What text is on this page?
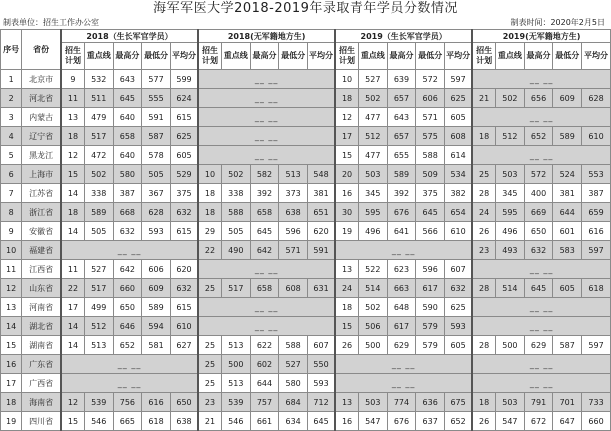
海军军医大学2018-2019年录取青年学员分数情况
制表单位：招生工作办公室	制表时间：2020年2月5日
序号	省份	2018（生长军官学员）					2018(无军籍地方生)					2019（生长军官学员）					2019(无军籍地方生)				
		招生计划	重点线	最高分	最低分	平均分	招生计划	重点线	最高分	最低分	平均分	招生计划	重点线	最高分	最低分	平均分	招生计划	重点线	最高分	最低分	平均分
1	北京市	9	532	643	577	599	__ __					10	527	639	572	597	__ __				
2	河北省	11	511	645	555	624	__ __					18	502	657	606	625	21	502	656	609	628
3	内蒙古	13	479	640	591	615	__ __					12	477	643	571	605	__ __				
4	辽宁省	18	517	658	587	625	__ __					17	512	657	575	608	18	512	652	589	610
5	黑龙江	12	472	640	578	605	__ __					15	477	655	588	614	__ __				
6	上海市	15	502	580	505	529	10	502	582	513	548	20	503	589	509	534	25	503	572	524	553
7	江苏省	14	338	387	367	375	18	338	392	373	381	16	345	392	375	382	28	345	400	381	387
8	浙江省	18	589	668	628	632	18	588	658	638	651	30	595	676	645	654	24	595	669	644	659
9	安徽省	14	505	632	593	615	29	505	645	596	620	19	496	641	566	610	26	496	650	601	616
10	福建省	__ __					22	490	642	571	591	__ __					23	493	632	583	597
11	江西省	11	527	642	606	620	__ __					13	522	623	596	607	__ __				
12	山东省	22	517	660	609	632	25	517	658	608	631	24	514	663	617	632	28	514	645	605	618
13	河南省	17	499	650	589	615	__ __					18	502	648	590	625	__ __				
14	湖北省	14	512	646	594	610	__ __					15	506	617	579	593	__ __				
15	湖南省	14	513	652	581	627	25	513	622	588	607	26	500	629	579	605	28	500	629	587	597
16	广东省	__ __					25	500	602	527	550	__ __					__ __				
17	广西省	__ __					25	513	644	580	593	__ __					__ __				
18	海南省	12	539	756	616	650	23	539	757	684	712	13	503	774	636	675	18	503	791	701	733
19	四川省	15	546	665	618	638	21	546	661	634	645	16	547	676	637	652	26	547	672	647	660
